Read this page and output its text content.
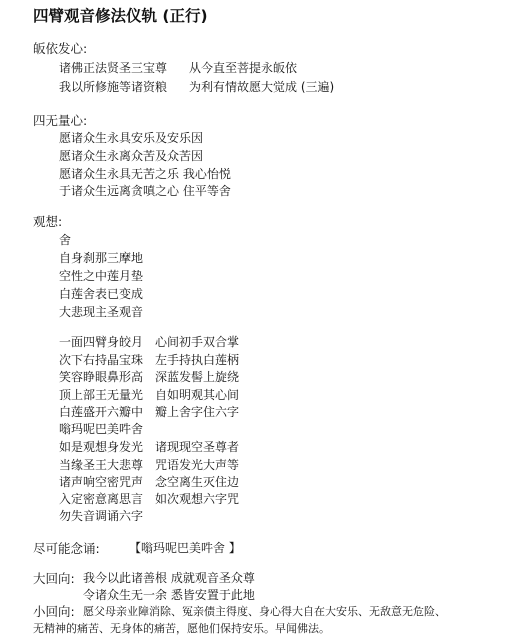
四臂观音修法仪轨 (正行)
皈依发心:
诸佛正法贤圣三宝尊 从今直至菩提永皈依
我以所修施等诸资粮 为利有情故愿大觉成 (三遍)
四无量心:
愿诸众生永具安乐及安乐因
愿诸众生永离众苦及众苦因
愿诸众生永具无苦之乐 我心怡悦
于诸众生远离贪嗔之心 住平等舍
观想:
舍
自身刹那三摩地
空性之中莲月垫
白莲舍表已变成
大悲现主圣观音
一面四臂身皎月 心间初手双合掌
次下右持晶宝珠 左手持执白莲柄
笑容睁眼鼻形高 深蓝发髻上旋绕
顶上部王无量光 自如明观其心间
白莲盛开六瓣中 瓣上舍字住六字
嗡玛呢巴美吽舍
如是观想身发光 诸现现空圣尊者
当缘圣王大悲尊 咒语发光大声等
诸声响空密咒声 念空离生灭住边
入定密意离思言 如次观想六字咒
勿失音调诵六字
尽可能念诵: 【嗡玛呢巴美吽舍 】
大回向: 我今以此诸善根 成就观音圣众尊
令诸众生无一余 悉皆安置于此地
小回向: 愿父母亲业障消除、冤亲债主得度、身心得大自在大安乐、无敌意无危险、
无精神的痛苦、无身体的痛苦，愿他们保持安乐。早闻佛法。
